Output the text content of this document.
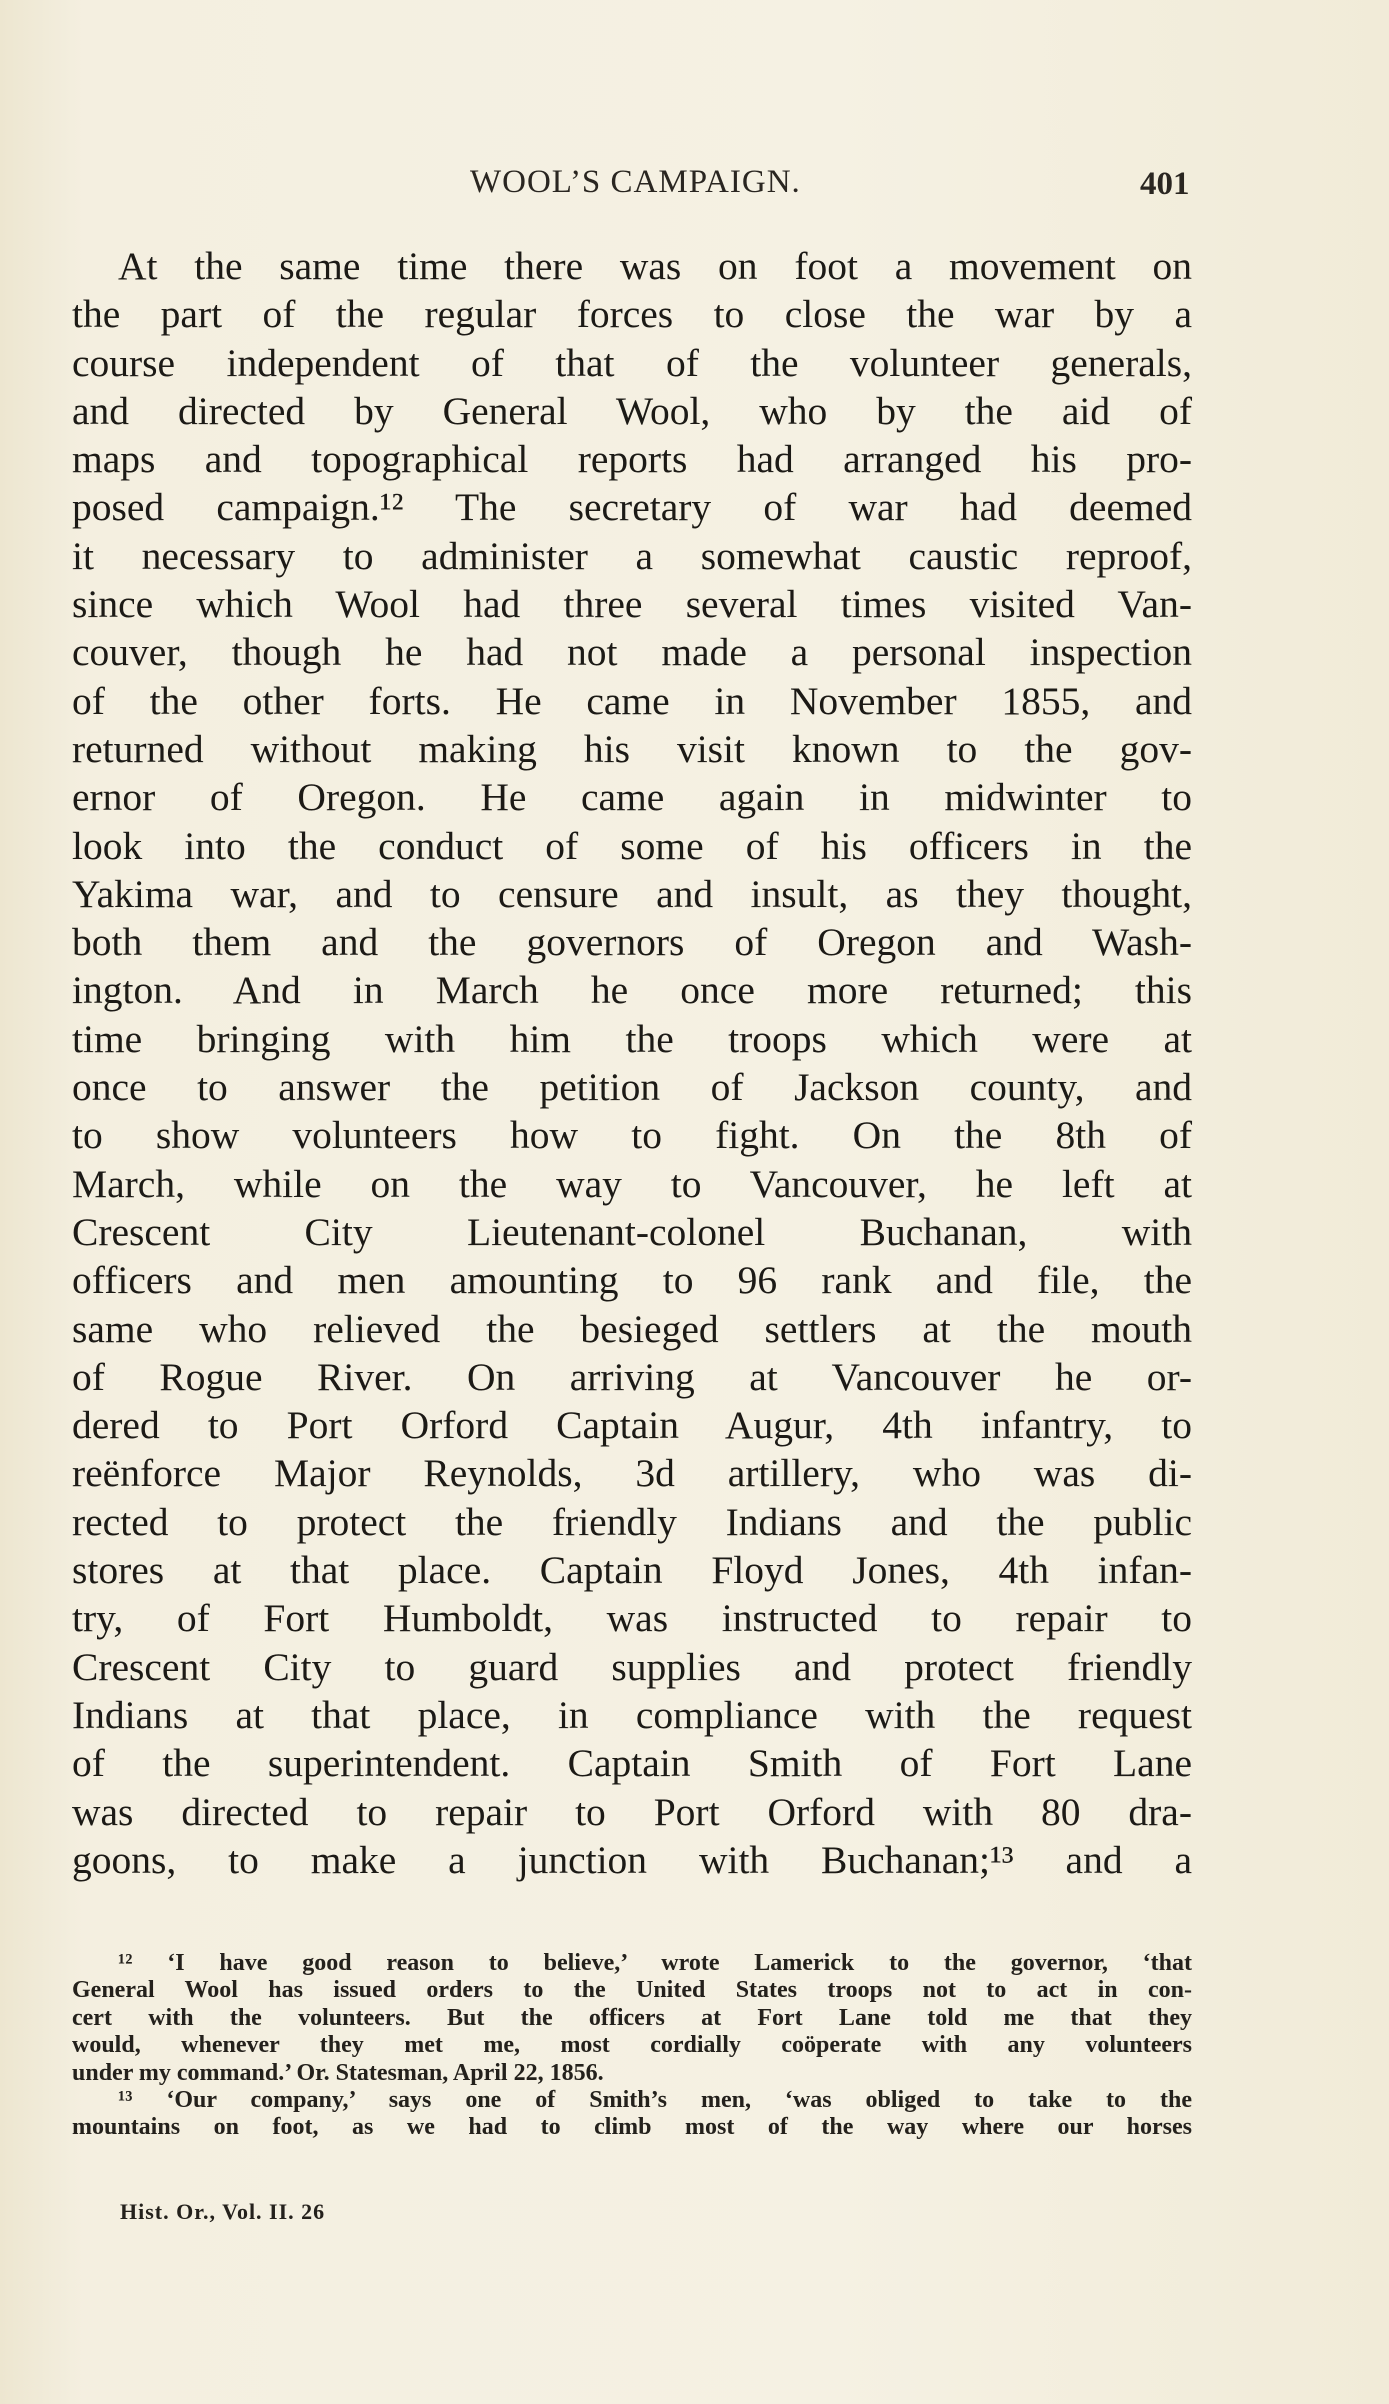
WOOL’S CAMPAIGN.	401
At the same time there was on foot a movement on
the part of the regular forces to close the war by a
course independent of that of the volunteer generals,
and directed by General Wool, who by the aid of
maps and topographical reports had arranged his pro-
posed campaign.¹² The secretary of war had deemed
it necessary to administer a somewhat caustic reproof,
since which Wool had three several times visited Van-
couver, though he had not made a personal inspection
of the other forts. He came in November 1855, and
returned without making his visit known to the gov-
ernor of Oregon. He came again in midwinter to
look into the conduct of some of his officers in the
Yakima war, and to censure and insult, as they thought,
both them and the governors of Oregon and Wash-
ington. And in March he once more returned; this
time bringing with him the troops which were at
once to answer the petition of Jackson county, and
to show volunteers how to fight. On the 8th of
March, while on the way to Vancouver, he left at
Crescent City Lieutenant-colonel Buchanan, with
officers and men amounting to 96 rank and file, the
same who relieved the besieged settlers at the mouth
of Rogue River. On arriving at Vancouver he or-
dered to Port Orford Captain Augur, 4th infantry, to
reënforce Major Reynolds, 3d artillery, who was di-
rected to protect the friendly Indians and the public
stores at that place. Captain Floyd Jones, 4th infan-
try, of Fort Humboldt, was instructed to repair to
Crescent City to guard supplies and protect friendly
Indians at that place, in compliance with the request
of the superintendent. Captain Smith of Fort Lane
was directed to repair to Port Orford with 80 dra-
goons, to make a junction with Buchanan;¹³ and a
¹² ‘I have good reason to believe,’ wrote Lamerick to the governor, ‘that
General Wool has issued orders to the United States troops not to act in con-
cert with the volunteers. But the officers at Fort Lane told me that they
would, whenever they met me, most cordially coöperate with any volunteers
under my command.’ Or. Statesman, April 22, 1856.
¹³ ‘Our company,’ says one of Smith’s men, ‘was obliged to take to the
mountains on foot, as we had to climb most of the way where our horses
Hist. Or., Vol. II. 26
